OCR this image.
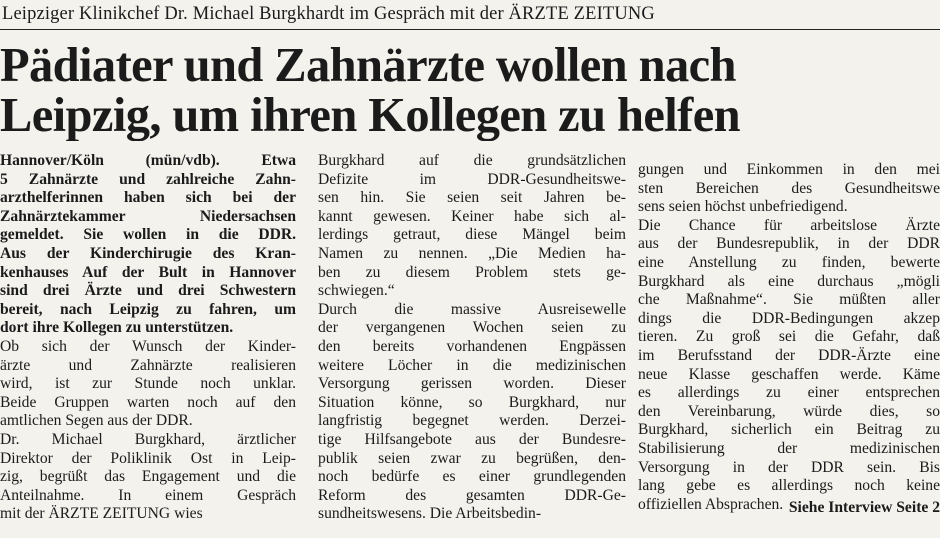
Leipziger Klinikchef Dr. Michael Burgkhardt im Gespräch mit der ÄRZTE ZEITUNG
Pädiater und Zahnärzte wollen nach
Leipzig, um ihren Kollegen zu helfen
Hannover/Köln (mün/vdb). Etwa
5 Zahnärzte und zahlreiche Zahn-
arzthelferinnen haben sich bei der
Zahnärztekammer Niedersachsen
gemeldet. Sie wollen in die DDR.
Aus der Kinderchirugie des Kran-
kenhauses Auf der Bult in Hannover
sind drei Ärzte und drei Schwestern
bereit, nach Leipzig zu fahren, um
dort ihre Kollegen zu unterstützen.
Ob sich der Wunsch der Kinder-
ärzte und Zahnärzte realisieren
wird, ist zur Stunde noch unklar.
Beide Gruppen warten noch auf den
amtlichen Segen aus der DDR.
Dr. Michael Burgkhard, ärztlicher
Direktor der Poliklinik Ost in Leip-
zig, begrüßt das Engagement und die
Anteilnahme. In einem Gespräch
mit der ÄRZTE ZEITUNG wies
Burgkhard auf die grundsätzlichen
Defizite im DDR-Gesundheitswe-
sen hin. Sie seien seit Jahren be-
kannt gewesen. Keiner habe sich al-
lerdings getraut, diese Mängel beim
Namen zu nennen. „Die Medien ha-
ben zu diesem Problem stets ge-
schwiegen.“
Durch die massive Ausreisewelle
der vergangenen Wochen seien zu
den bereits vorhandenen Engpässen
weitere Löcher in die medizinischen
Versorgung gerissen worden. Dieser
Situation könne, so Burgkhard, nur
langfristig begegnet werden. Derzei-
tige Hilfsangebote aus der Bundesre-
publik seien zwar zu begrüßen, den-
noch bedürfe es einer grundlegenden
Reform des gesamten DDR-Ge-
sundheitswesens. Die Arbeitsbedin-
gungen und Einkommen in den mei
sten Bereichen des Gesundheitswe
sens seien höchst unbefriedigend.
Die Chance für arbeitslose Ärzte
aus der Bundesrepublik, in der DDR
eine Anstellung zu finden, bewerte
Burgkhard als eine durchaus „mögli
che Maßnahme“. Sie müßten aller
dings die DDR-Bedingungen akzep
tieren. Zu groß sei die Gefahr, daß
im Berufsstand der DDR-Ärzte eine
neue Klasse geschaffen werde. Käme
es allerdings zu einer entsprechen
den Vereinbarung, würde dies, so
Burgkhard, sicherlich ein Beitrag zu
Stabilisierung der medizinischen
Versorgung in der DDR sein. Bis
lang gebe es allerdings noch keine
offiziellen Absprachen. Siehe Interview Seite 2
